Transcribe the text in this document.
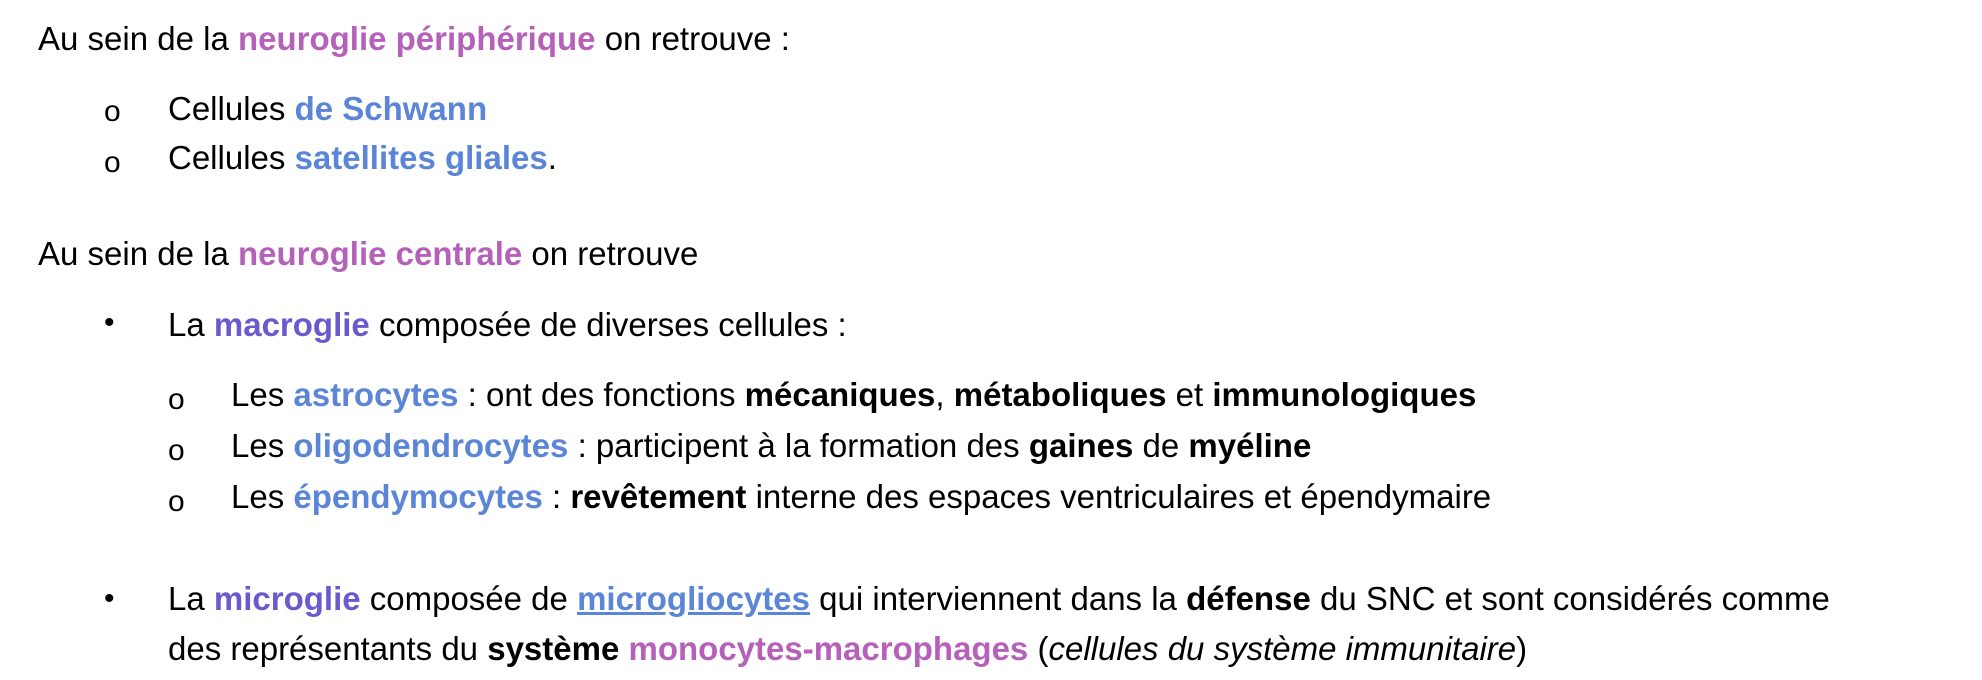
Au sein de la neuroglie périphérique on retrouve :
o Cellules de Schwann
o Cellules satellites gliales.
Au sein de la neuroglie centrale on retrouve
• La macroglie composée de diverses cellules :
o Les astrocytes : ont des fonctions mécaniques, métaboliques et immunologiques
o Les oligodendrocytes : participent à la formation des gaines de myéline
o Les épendymocytes : revêtement interne des espaces ventriculaires et épendymaire
• La microglie composée de microgliocytes qui interviennent dans la défense du SNC et sont considérés comme
des représentants du système monocytes-macrophages (cellules du système immunitaire)
